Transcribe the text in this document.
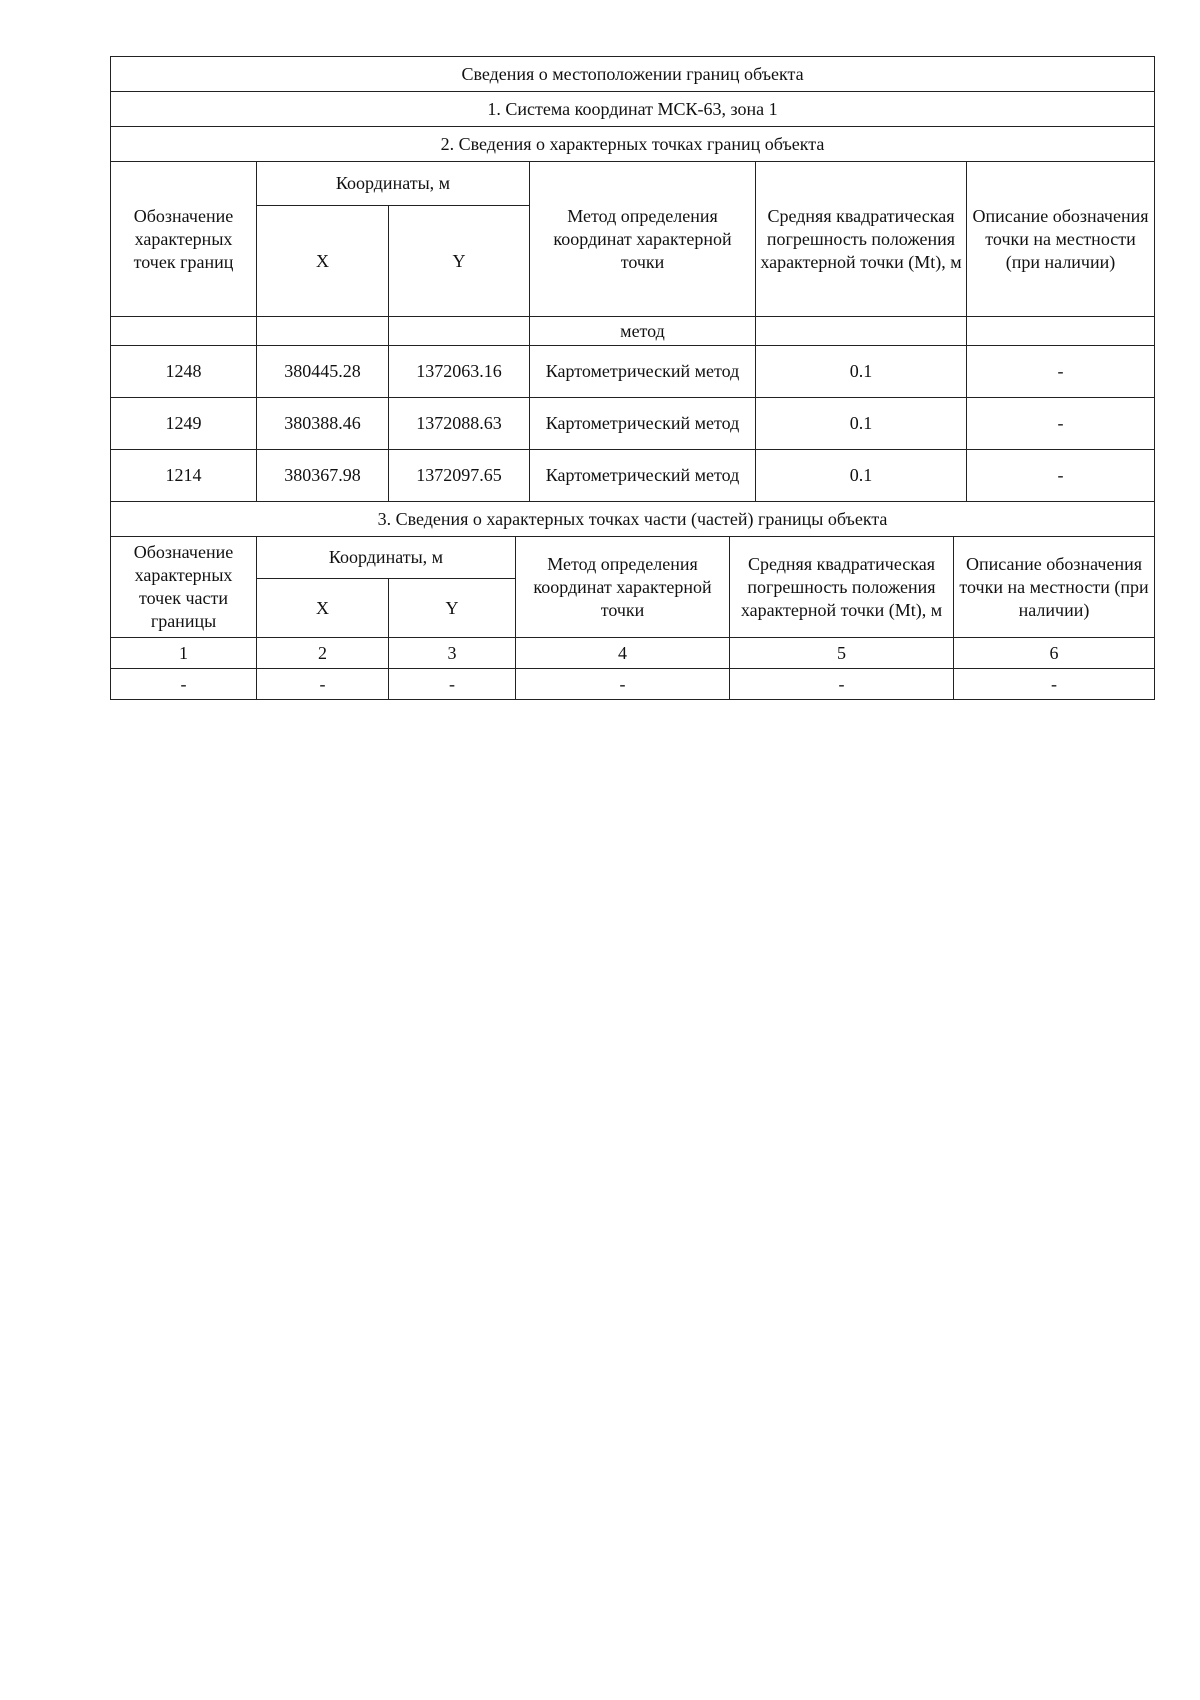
Сведения о местоположении границ объекта					
1. Система координат МСК-63, зона 1					
2. Сведения о характерных точках границ объекта					
Обозначение характерных точек границ	Координаты, м		Метод определения координат характерной точки	Средняя квадратическая погрешность положения характерной точки (Mt), м	Описание обозначения точки на местности (при наличии)
	X	Y			
			метод		
1248	380445.28	1372063.16	Картометрический метод	0.1	-
1249	380388.46	1372088.63	Картометрический метод	0.1	-
1214	380367.98	1372097.65	Картометрический метод	0.1	-
3. Сведения о характерных точках части (частей) границы объекта					
Обозначение характерных точек части границы	Координаты, м		Метод определения координат характерной точки	Средняя квадратическая погрешность положения характерной точки (Mt), м	Описание обозначения точки на местности (при наличии)
	X	Y			
1	2	3	4	5	6
-	-	-	-	-	-
